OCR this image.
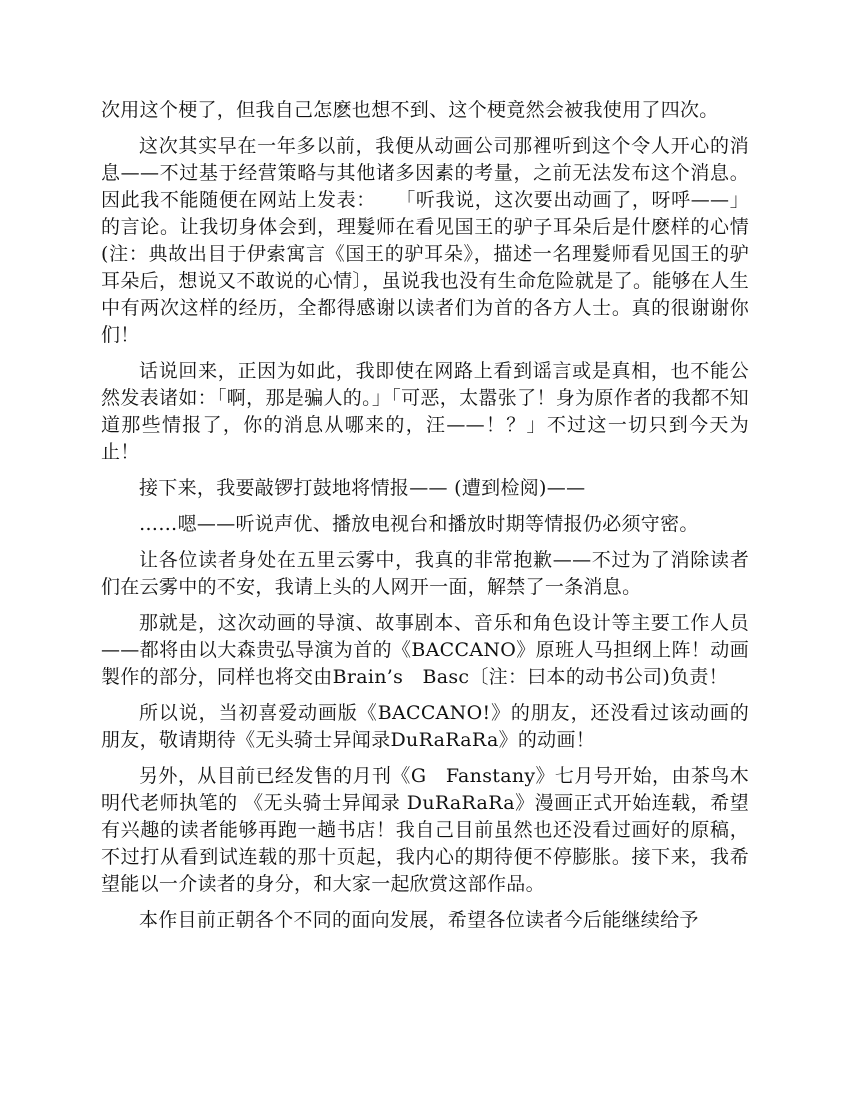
次用这个梗了，但我自己怎麽也想不到、这个梗竟然会被我使用了四次。

这次其实早在一年多以前，我便从动画公司那裡听到这个令人开心的消息——不过基于经营策略与其他诸多因素的考量，之前无法发布这个消息。因此我不能随便在网站上发表：　　「听我说，这次要出动画了，呀呼——」的言论。让我切身体会到，理髮师在看见国王的驴子耳朵后是什麽样的心情(注：典故出目于伊索寓言《国王的驴耳朵》，描述一名理髮师看见国王的驴耳朵后，想说又不敢说的心情〕，虽说我也没有生命危险就是了。能够在人生中有两次这样的经历，全都得感谢以读者们为首的各方人士。真的很谢谢你们！

话说回来，正因为如此，我即使在网路上看到谣言或是真相，也不能公然发表诸如：「啊，那是骗人的。」「可恶，太嚣张了！身为原作者的我都不知道那些情报了，你的消息从哪来的，汪——！？」不过这一切只到今天为止！

接下来，我要敲锣打鼓地将情报—— (遭到检阅)——

……嗯——听说声优、播放电视台和播放时期等情报仍必须守密。

让各位读者身处在五里云雾中，我真的非常抱歉——不过为了消除读者们在云雾中的不安，我请上头的人网开一面，解禁了一条消息。

那就是，这次动画的导演、故事剧本、音乐和角色设计等主要工作人员——都将由以大森贵弘导演为首的《BACCANO》原班人马担纲上阵！动画製作的部分，同样也将交由Brain’s　Basc〔注：曰本的动书公司)负责！

所以说，当初喜爱动画版《BACCANO!》的朋友，还没看过该动画的朋友，敬请期待《无头骑士异闻录DuRaRaRa》的动画！

另外，从目前已经发售的月刊《G　Fanstany》七月号开始，由茶鸟木明代老师执笔的 《无头骑士异闻录 DuRaRaRa》漫画正式开始连载，希望有兴趣的读者能够再跑一趟书店！我自己目前虽然也还没看过画好的原稿，不过打从看到试连载的那十页起，我内心的期待便不停膨胀。接下来，我希望能以一介读者的身分，和大家一起欣赏这部作品。

本作目前正朝各个不同的面向发展，希望各位读者今后能继续给予
